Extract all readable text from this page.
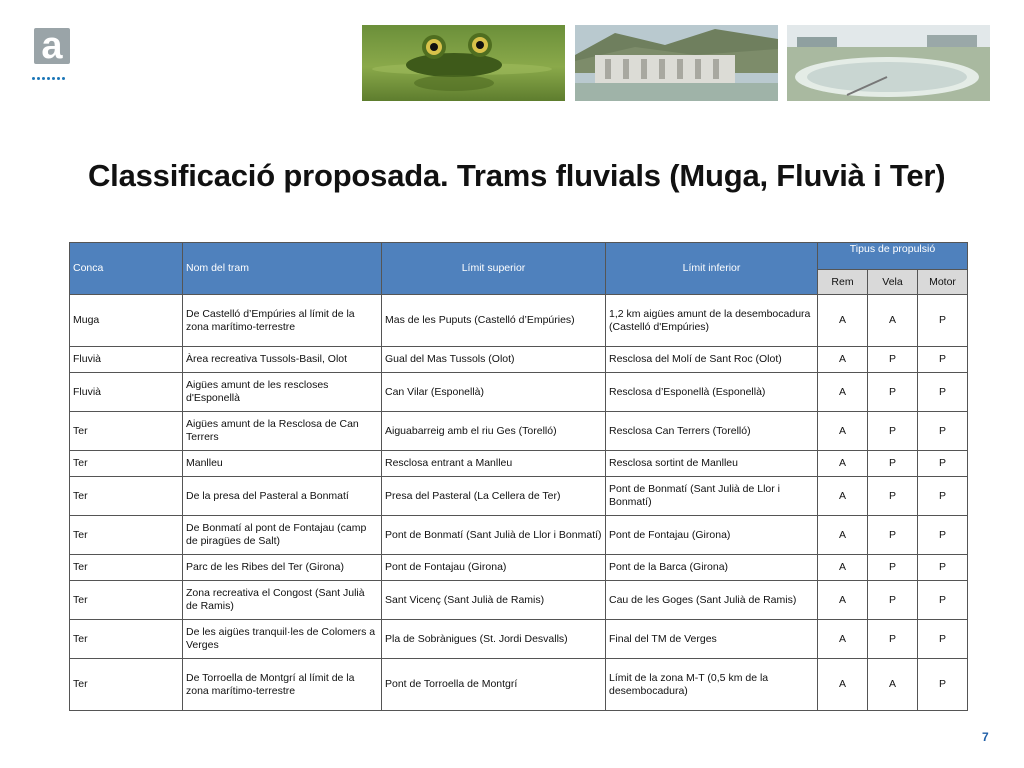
a
Classificació proposada. Trams fluvials (Muga, Fluvià i Ter)
Conca	Nom del tram	Límit superior	Límit inferior	Tipus de propulsió		
				Rem	Vela	Motor
Muga	De Castelló d’Empúries al límit de la zona marítimo-terrestre	Mas de les Puputs (Castelló d’Empúries)	1,2 km aigües amunt de la desembocadura (Castelló d'Empúries)	A	A	P
Fluvià	Àrea recreativa Tussols-Basil, Olot	Gual del Mas Tussols (Olot)	Resclosa del Molí de Sant Roc (Olot)	A	P	P
Fluvià	Aigües amunt de les rescloses d'Esponellà	Can Vilar (Esponellà)	Resclosa d’Esponellà (Esponellà)	A	P	P
Ter	Aigües amunt de la Resclosa de Can Terrers	Aiguabarreig amb el riu Ges (Torelló)	Resclosa Can Terrers (Torelló)	A	P	P
Ter	Manlleu	Resclosa entrant a Manlleu	Resclosa sortint de Manlleu	A	P	P
Ter	De la presa del Pasteral a Bonmatí	Presa del Pasteral (La Cellera de Ter)	Pont de Bonmatí (Sant Julià de Llor i Bonmatí)	A	P	P
Ter	De Bonmatí al pont de Fontajau (camp de piragües de Salt)	Pont de Bonmatí (Sant Julià de Llor i Bonmatí)	Pont de Fontajau (Girona)	A	P	P
Ter	Parc de les Ribes del Ter (Girona)	Pont de Fontajau (Girona)	Pont de la Barca (Girona)	A	P	P
Ter	Zona recreativa el Congost (Sant Julià de Ramis)	Sant Vicenç (Sant Julià de Ramis)	Cau de les Goges (Sant Julià de Ramis)	A	P	P
Ter	De les aigües tranquil·les de Colomers a Verges	Pla de Sobrànigues (St. Jordi Desvalls)	Final del TM de Verges	A	P	P
Ter	De Torroella de Montgrí al límit de la zona marítimo-terrestre	Pont de Torroella de Montgrí	Límit de la zona M-T (0,5 km de la desembocadura)	A	A	P
7
